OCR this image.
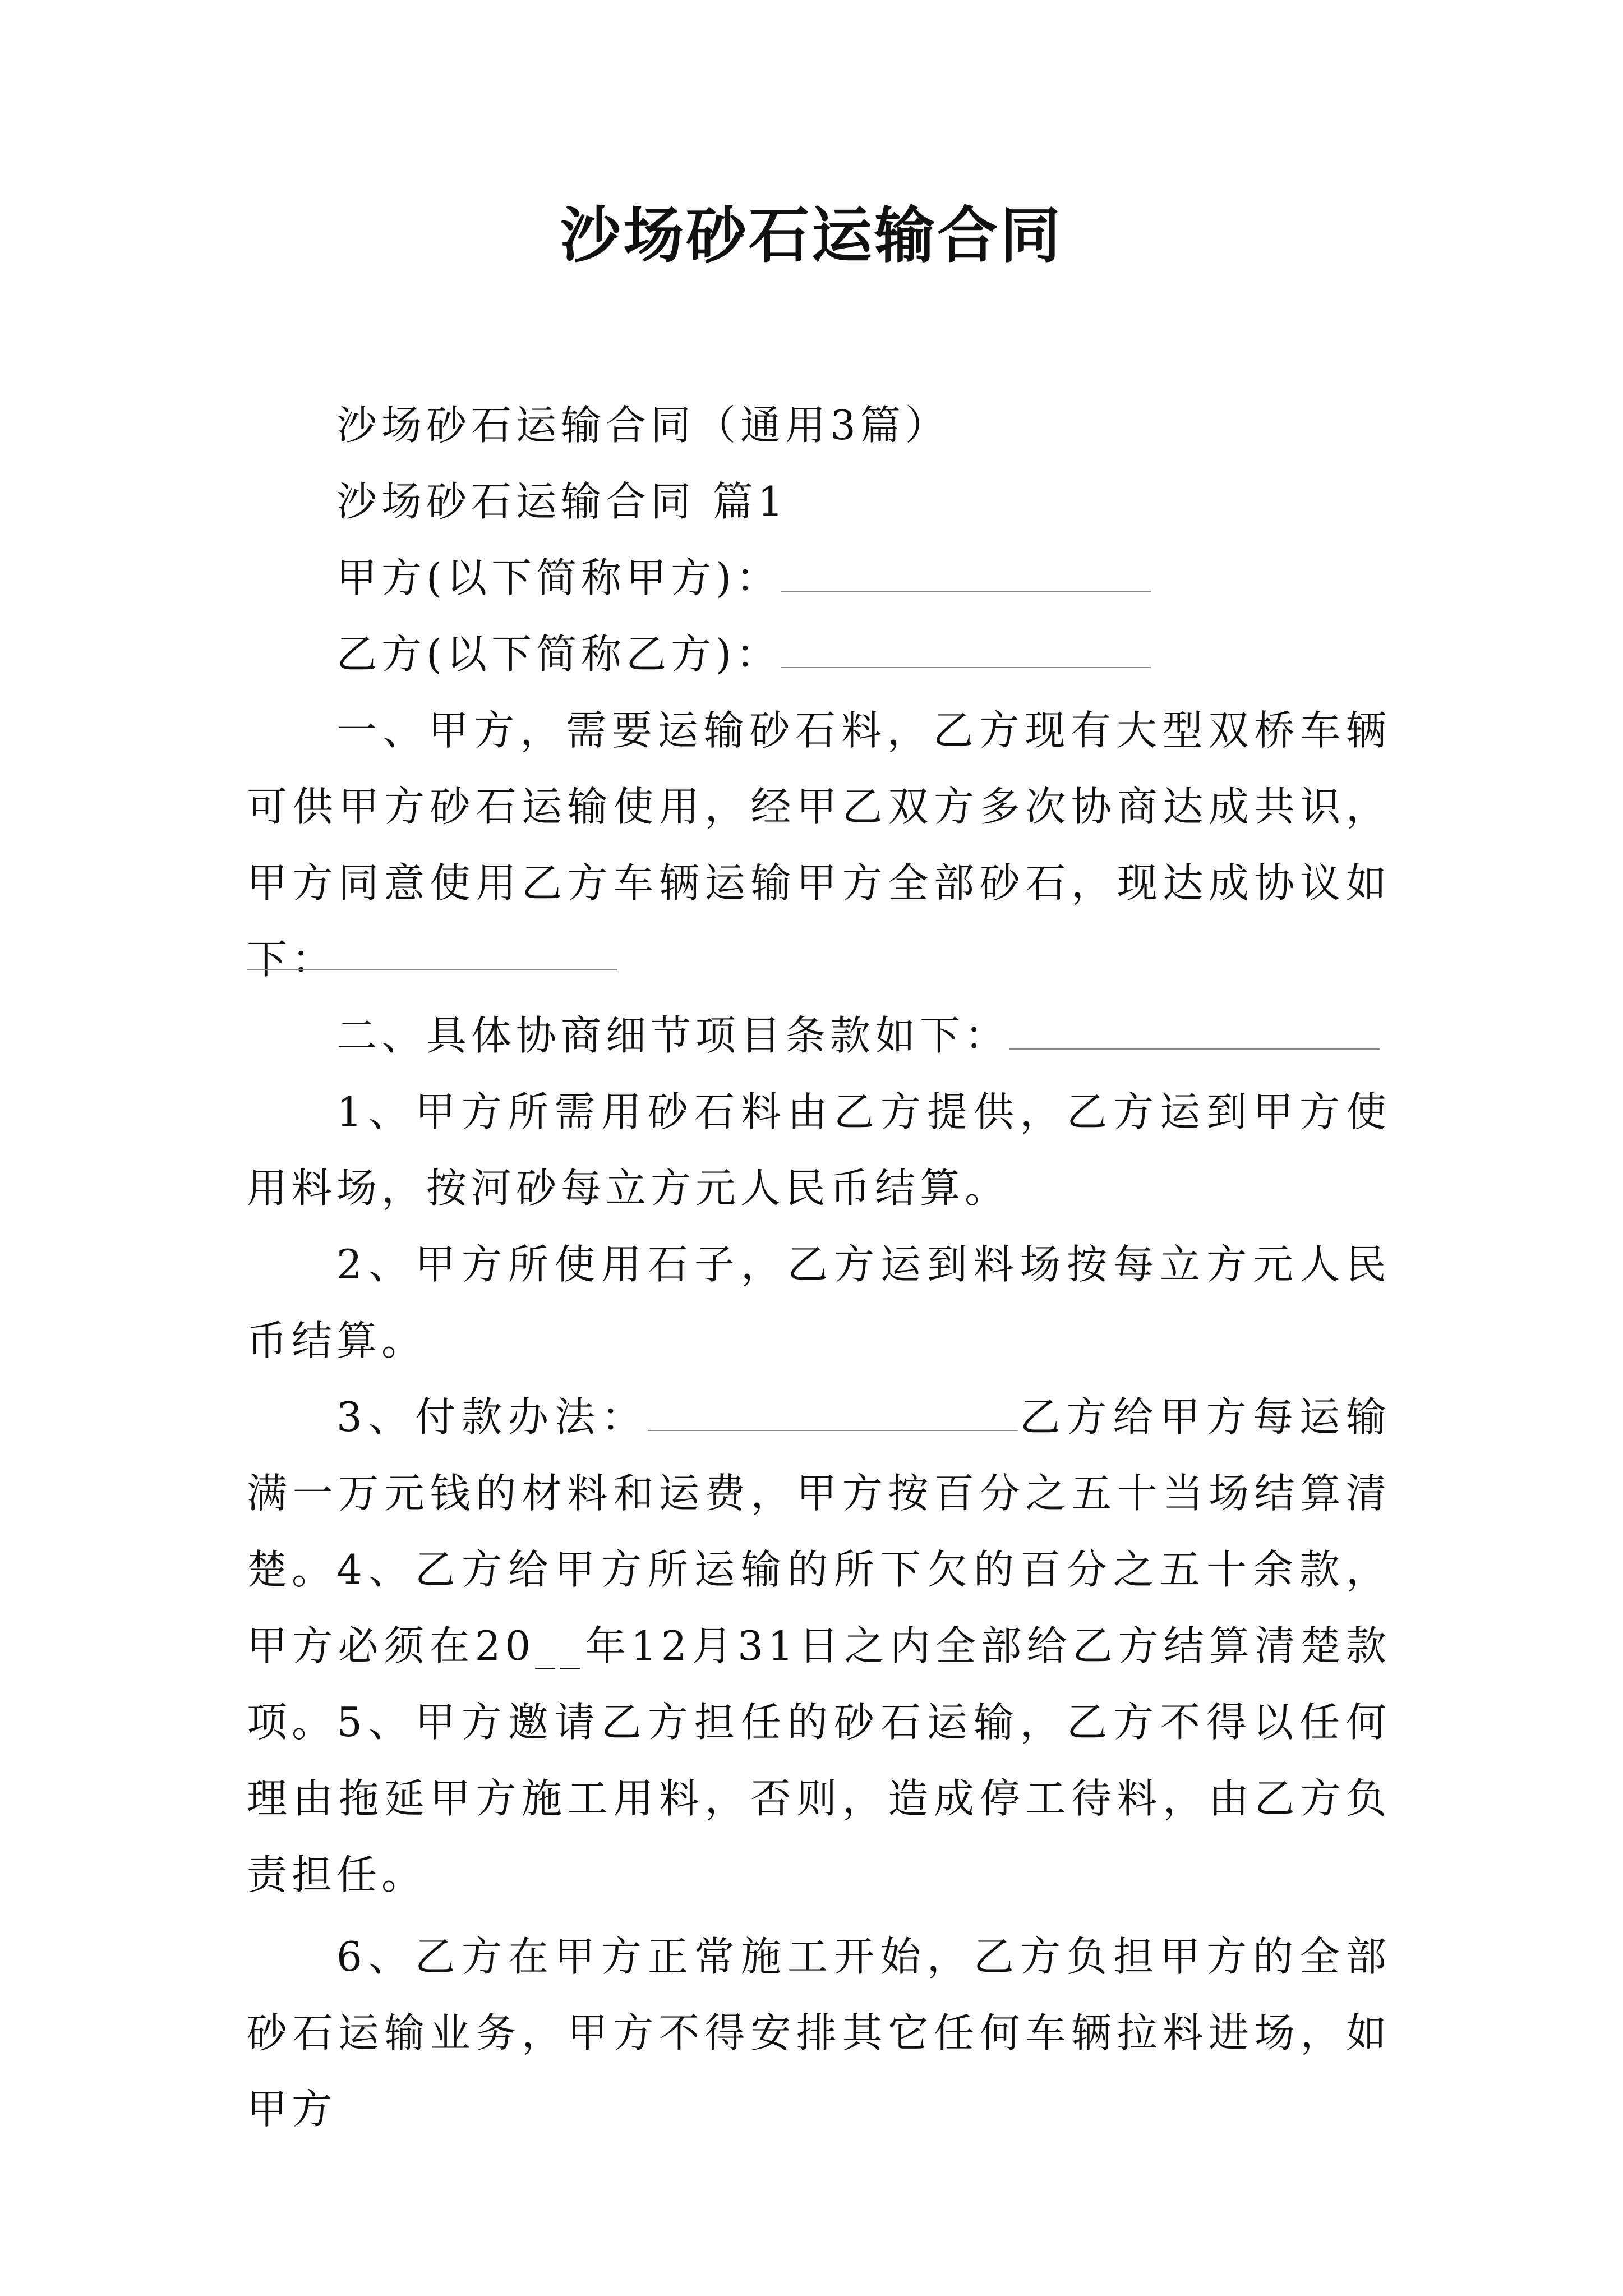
沙场砂石运输合同
沙场砂石运输合同（通用3篇）
沙场砂石运输合同 篇1
甲方(以下简称甲方)：
乙方(以下简称乙方)：

一、甲方，需要运输砂石料，乙方现有大型双桥车辆可供甲方砂石运输使用，经甲乙双方多次协商达成共识，甲方同意使用乙方车辆运输甲方全部砂石，现达成协议如下：

二、具体协商细节项目条款如下：

1、甲方所需用砂石料由乙方提供，乙方运到甲方使用料场，按河砂每立方元人民币结算。

2、甲方所使用石子，乙方运到料场按每立方元人民币结算。

3、付款办法：	乙方给甲方每运输满一万元钱的材料和运费，甲方按百分之五十当场结算清楚。 4、乙方给甲方所运输的所下欠的百分之五十余款，甲方必须在20__年12月31日之内全部给乙方结算清楚款项。 5、甲方邀请乙方担任的砂石运输，乙方不得以任何理由拖延甲方施工用料，否则，造成停工待料，由乙方负责担任。

6、乙方在甲方正常施工开始，乙方负担甲方的全部砂石运输业务，甲方不得安排其它任何车辆拉料进场，如甲方
